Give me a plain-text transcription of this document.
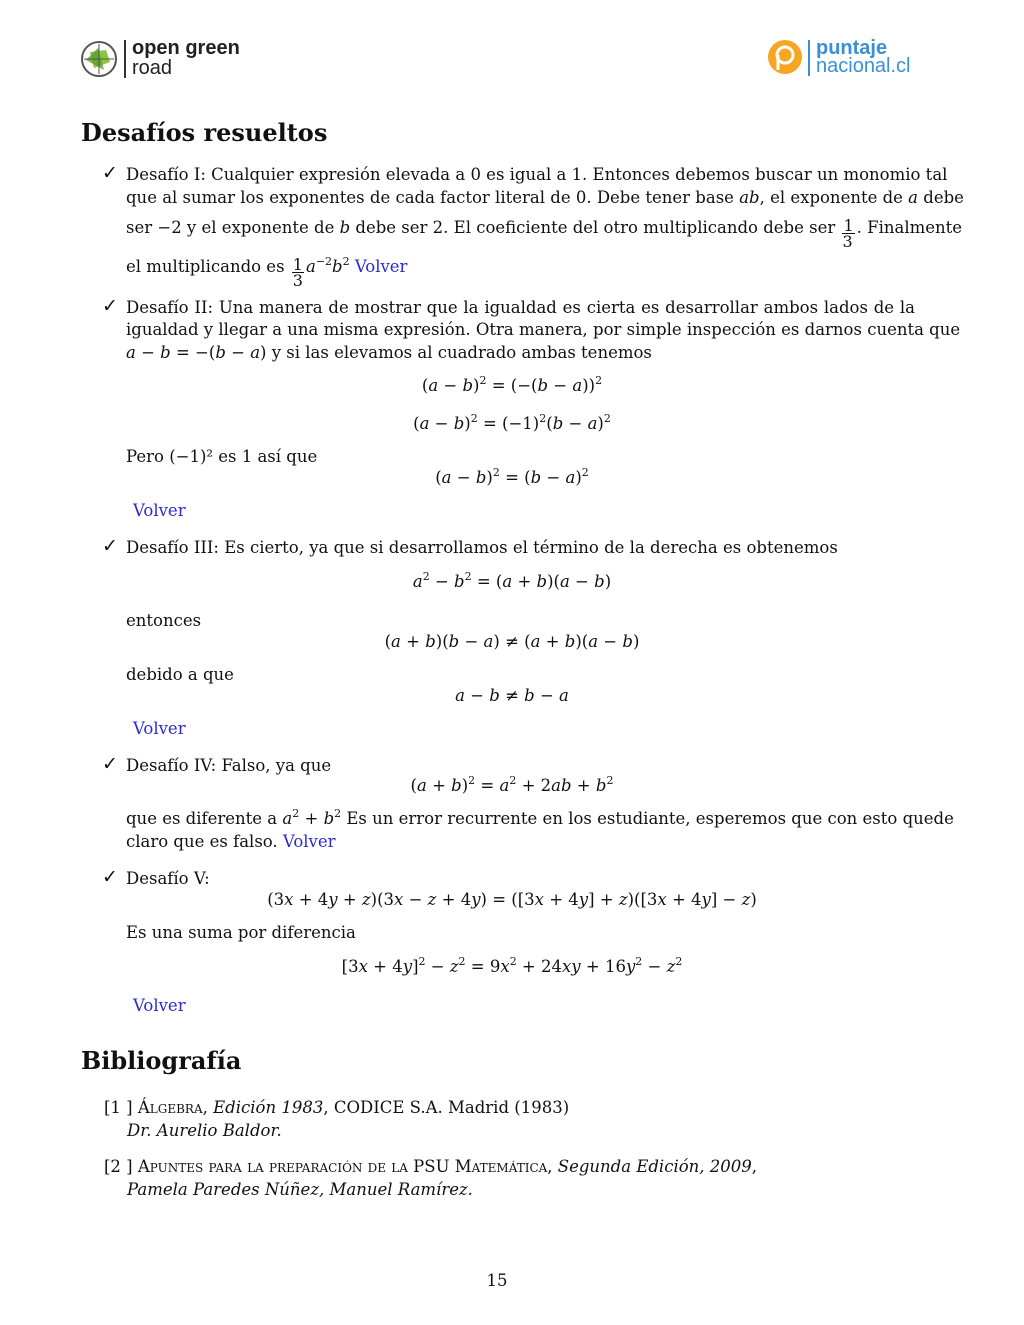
open green
road
puntaje
nacional.cl
Desafíos resueltos
✓ Desafío I: Cualquier expresión elevada a 0 es igual a 1. Entonces debemos buscar un monomio tal
que al sumar los exponentes de cada factor literal de 0. Debe tener base ab, el exponente de a debe
ser −2 y el exponente de b debe ser 2. El coeficiente del otro multiplicando debe ser $\frac{1}{3}$ . Finalmente
el multiplicando es $\frac{1}{3} a^{-2}b^2$ Volver
✓ Desafío II: Una manera de mostrar que la igualdad es cierta es desarrollar ambos lados de la
igualdad y llegar a una misma expresión. Otra manera, por simple inspección es darnos cuenta que
a − b = −(b − a) y si las elevamos al cuadrado ambas tenemos
$(a - b)^2 = (-(b - a))^2$
$(a - b)^2 = (-1)^2(b - a)^2$
Pero (−1)² es 1 así que
$(a - b)^2 = (b - a)^2$
Volver
✓ Desafío III: Es cierto, ya que si desarrollamos el término de la derecha es obtenemos
$a^2 - b^2 = (a + b)(a - b)$
entonces
(a + b)(b − a) ≠ (a + b)(a − b)
debido a que
a − b ≠ b − a
Volver
✓ Desafío IV: Falso, ya que
$(a + b)^2 = a^2 + 2ab + b^2$
que es diferente a $a^2 + b^2$ Es un error recurrente en los estudiante, esperemos que con esto quede
claro que es falso. Volver
✓ Desafío V:
(3x + 4y + z)(3x − z + 4y) = ([3x + 4y] + z)([3x + 4y] − z)
Es una suma por diferencia
$[3x + 4y]^2 - z^2 = 9x^2 + 24xy + 16y^2 - z^2$
Volver
Bibliografía
[1 ] Álgebra, Edición 1983, CODICE S.A. Madrid (1983)
Dr. Aurelio Baldor.
[2 ] Apuntes para la preparación de la PSU Matemática, Segunda Edición, 2009,
Pamela Paredes Núñez, Manuel Ramírez.
15
